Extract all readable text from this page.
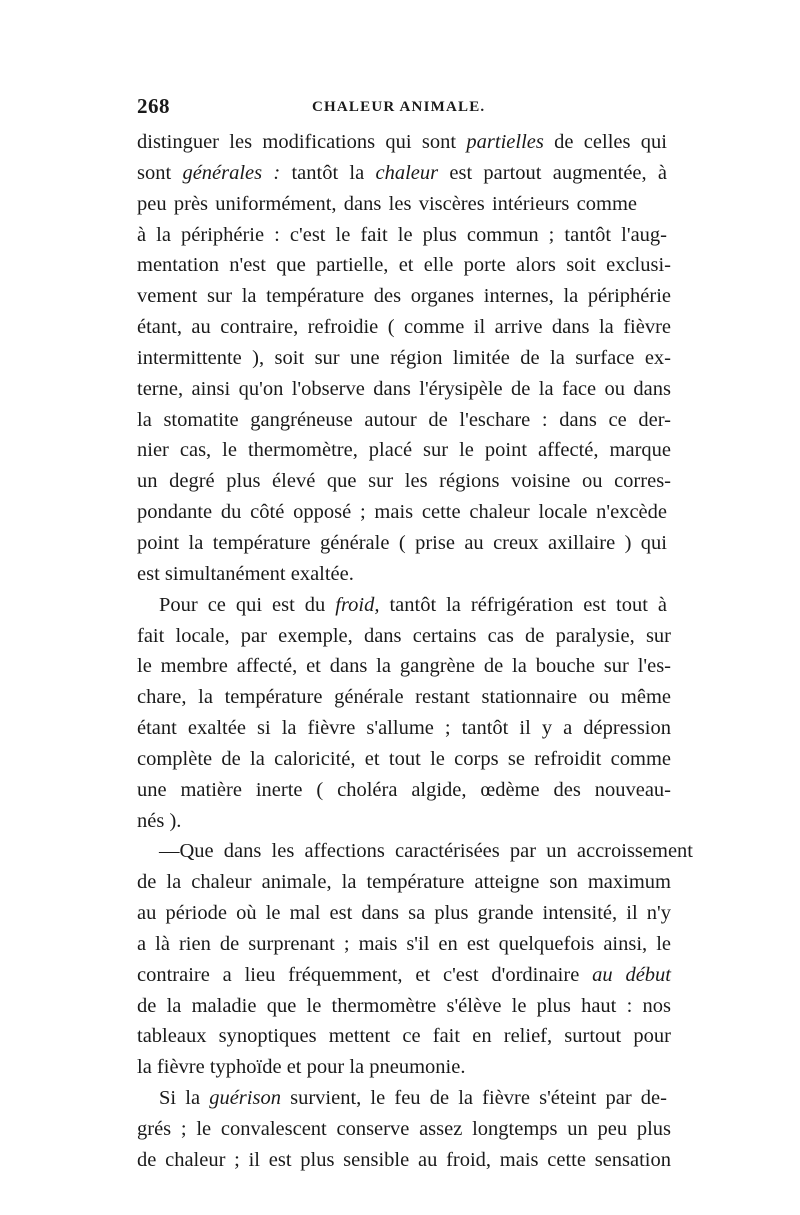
268	CHALEUR ANIMALE.
distinguer les modifications qui sont partielles de celles qui
sont générales : tantôt la chaleur est partout augmentée, à
peu près uniformément, dans les viscères intérieurs comme
à la périphérie : c'est le fait le plus commun ; tantôt l'aug-
mentation n'est que partielle, et elle porte alors soit exclusi-
vement sur la température des organes internes, la périphérie
étant, au contraire, refroidie ( comme il arrive dans la fièvre
intermittente ), soit sur une région limitée de la surface ex-
terne, ainsi qu'on l'observe dans l'érysipèle de la face ou dans
la stomatite gangréneuse autour de l'eschare : dans ce der-
nier cas, le thermomètre, placé sur le point affecté, marque
un degré plus élevé que sur les régions voisine ou corres-
pondante du côté opposé ; mais cette chaleur locale n'excède
point la température générale ( prise au creux axillaire ) qui
est simultanément exaltée.
Pour ce qui est du froid, tantôt la réfrigération est tout à
fait locale, par exemple, dans certains cas de paralysie, sur
le membre affecté, et dans la gangrène de la bouche sur l'es-
chare, la température générale restant stationnaire ou même
étant exaltée si la fièvre s'allume ; tantôt il y a dépression
complète de la caloricité, et tout le corps se refroidit comme
une matière inerte ( choléra algide, œdème des nouveau-
nés ).
—Que dans les affections caractérisées par un accroissement
de la chaleur animale, la température atteigne son maximum
au période où le mal est dans sa plus grande intensité, il n'y
a là rien de surprenant ; mais s'il en est quelquefois ainsi, le
contraire a lieu fréquemment, et c'est d'ordinaire au début
de la maladie que le thermomètre s'élève le plus haut : nos
tableaux synoptiques mettent ce fait en relief, surtout pour
la fièvre typhoïde et pour la pneumonie.
Si la guérison survient, le feu de la fièvre s'éteint par de-
grés ; le convalescent conserve assez longtemps un peu plus
de chaleur ; il est plus sensible au froid, mais cette sensation
